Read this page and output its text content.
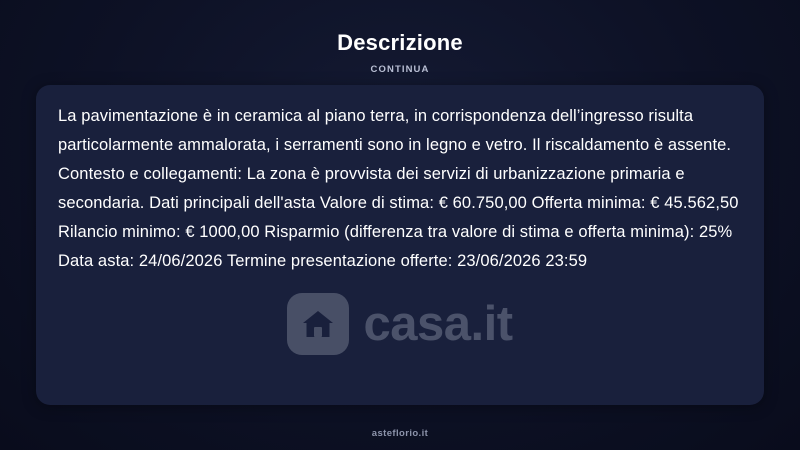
Descrizione
CONTINUA
La pavimentazione è in ceramica al piano terra, in corrispondenza dell’ingresso risulta particolarmente ammalorata, i serramenti sono in legno e vetro. Il riscaldamento è assente. Contesto e collegamenti: La zona è provvista dei servizi di urbanizzazione primaria e secondaria. Dati principali dell'asta Valore di stima: € 60.750,00 Offerta minima: € 45.562,50 Rilancio minimo: € 1000,00 Risparmio (differenza tra valore di stima e offerta minima): 25% Data asta: 24/06/2026 Termine presentazione offerte: 23/06/2026 23:59
casa.it
asteflorio.it
